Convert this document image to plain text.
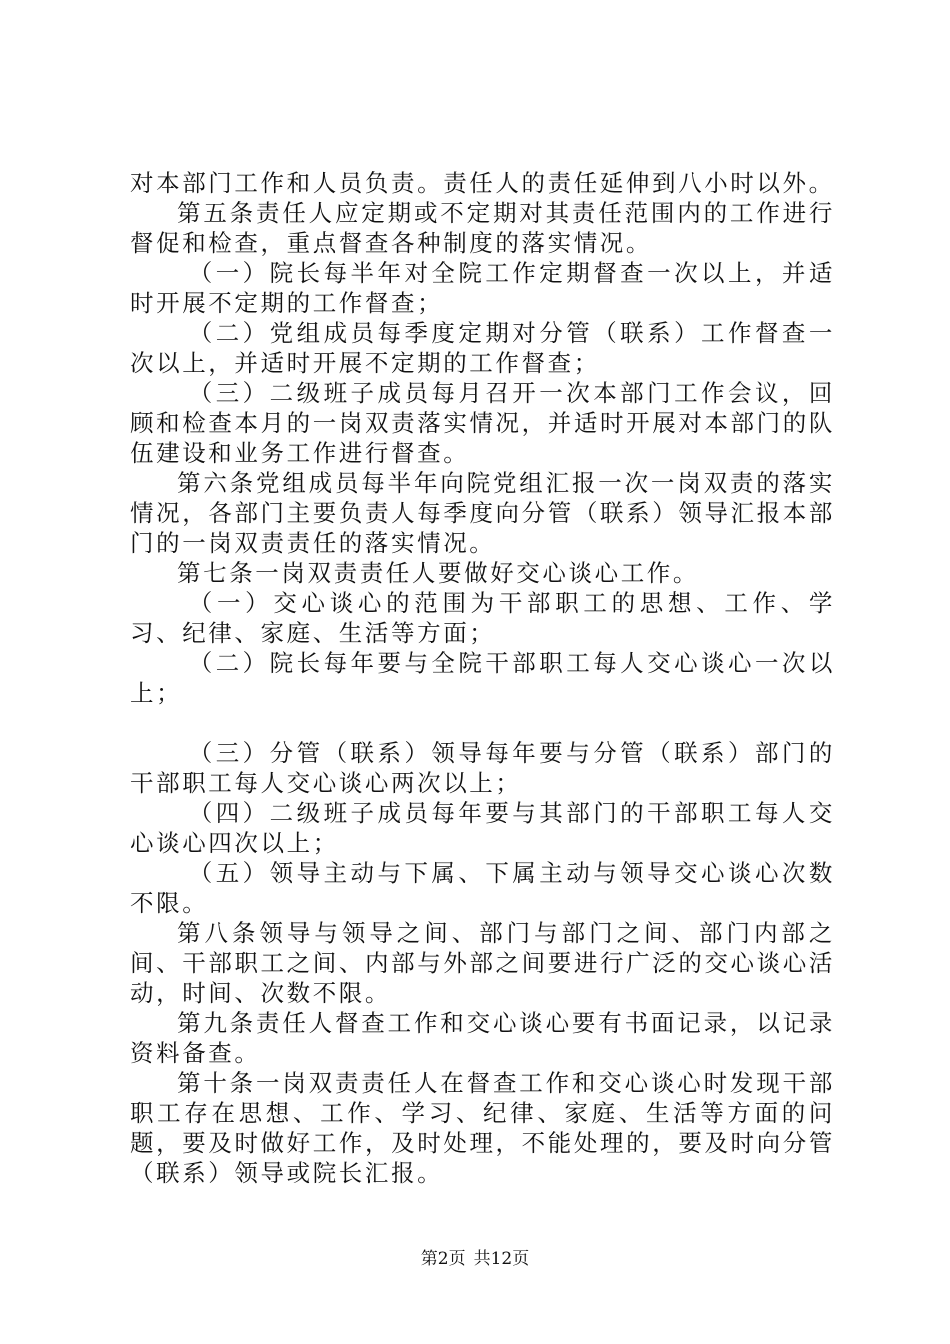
对本部门工作和人员负责。责任人的责任延伸到八小时以外。

第五条责任人应定期或不定期对其责任范围内的工作进行督促和检查，重点督查各种制度的落实情况。

（一）院长每半年对全院工作定期督查一次以上，并适时开展不定期的工作督查；

（二）党组成员每季度定期对分管（联系）工作督查一次以上，并适时开展不定期的工作督查；

（三）二级班子成员每月召开一次本部门工作会议，回顾和检查本月的一岗双责落实情况，并适时开展对本部门的队伍建设和业务工作进行督查。

第六条党组成员每半年向院党组汇报一次一岗双责的落实情况，各部门主要负责人每季度向分管（联系）领导汇报本部门的一岗双责责任的落实情况。

第七条一岗双责责任人要做好交心谈心工作。

（一）交心谈心的范围为干部职工的思想、工作、学习、纪律、家庭、生活等方面；

（二）院长每年要与全院干部职工每人交心谈心一次以上；

（三）分管（联系）领导每年要与分管（联系）部门的干部职工每人交心谈心两次以上；

（四）二级班子成员每年要与其部门的干部职工每人交心谈心四次以上；

（五）领导主动与下属、下属主动与领导交心谈心次数不限。

第八条领导与领导之间、部门与部门之间、部门内部之间、干部职工之间、内部与外部之间要进行广泛的交心谈心活动，时间、次数不限。

第九条责任人督查工作和交心谈心要有书面记录，以记录资料备查。

第十条一岗双责责任人在督查工作和交心谈心时发现干部职工存在思想、工作、学习、纪律、家庭、生活等方面的问题，要及时做好工作，及时处理，不能处理的，要及时向分管（联系）领导或院长汇报。

第2页 共12页
